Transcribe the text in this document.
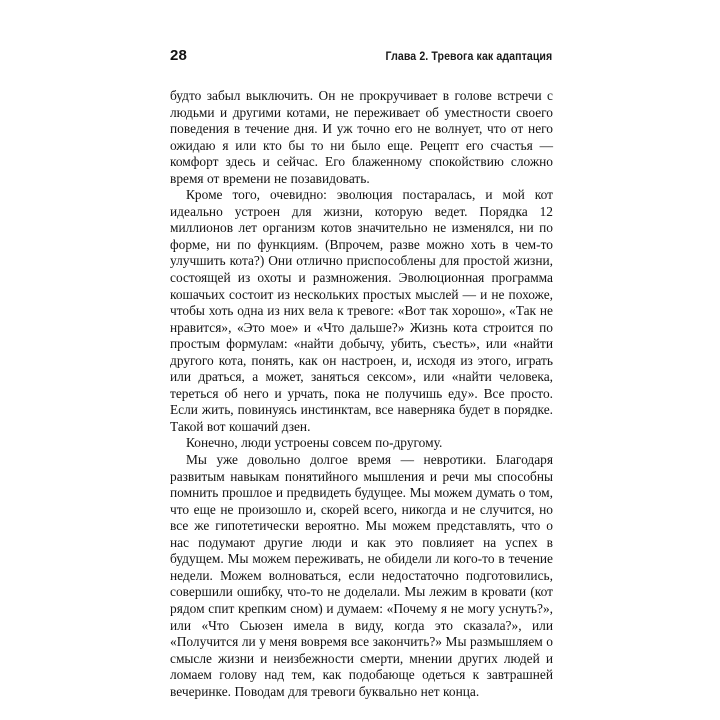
28	Глава 2. Тревога как адаптация

будто забыл выключить. Он не прокручивает в голове встречи с людьми и другими котами, не переживает об уместности своего поведения в течение дня. И уж точно его не волнует, что от него ожидаю я или кто бы то ни было еще. Рецепт его счастья — комфорт здесь и сейчас. Его блаженному спокойствию сложно время от времени не позавидовать.

Кроме того, очевидно: эволюция постаралась, и мой кот идеально устроен для жизни, которую ведет. Порядка 12 миллионов лет организм котов значительно не изменялся, ни по форме, ни по функциям. (Впрочем, разве можно хоть в чем-то улучшить кота?) Они отлично приспособлены для простой жизни, состоящей из охоты и размножения. Эволюционная программа кошачьих состоит из нескольких простых мыслей — и не похоже, чтобы хоть одна из них вела к тревоге: «Вот так хорошо», «Так не нравится», «Это мое» и «Что дальше?» Жизнь кота строится по простым формулам: «найти добычу, убить, съесть», или «найти другого кота, понять, как он настроен, и, исходя из этого, играть или драться, а может, заняться сексом», или «найти человека, тереться об него и урчать, пока не получишь еду». Все просто. Если жить, повинуясь инстинктам, все наверняка будет в порядке. Такой вот кошачий дзен.

Конечно, люди устроены совсем по-другому.

Мы уже довольно долгое время — невротики. Благодаря развитым навыкам понятийного мышления и речи мы способны помнить прошлое и предвидеть будущее. Мы можем думать о том, что еще не произошло и, скорей всего, никогда и не случится, но все же гипотетически вероятно. Мы можем представлять, что о нас подумают другие люди и как это повлияет на успех в будущем. Мы можем переживать, не обидели ли кого-то в течение недели. Можем волноваться, если недостаточно подготовились, совершили ошибку, что-то не доделали. Мы лежим в кровати (кот рядом спит крепким сном) и думаем: «Почему я не могу уснуть?», или «Что Сьюзен имела в виду, когда это сказала?», или «Получится ли у меня вовремя все закончить?» Мы размышляем о смысле жизни и неизбежности смерти, мнении других людей и ломаем голову над тем, как подобающе одеться к завтрашней вечеринке. Поводам для тревоги буквально нет конца.
